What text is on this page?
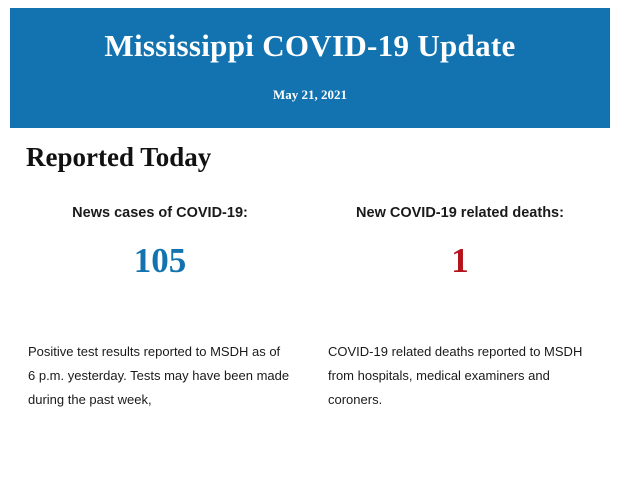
Mississippi COVID-19 Update
May 21, 2021
Reported Today
News cases of COVID-19:
105
New COVID-19 related deaths:
1
Positive test results reported to MSDH as of 6 p.m. yesterday. Tests may have been made during the past week,
COVID-19 related deaths reported to MSDH from hospitals, medical examiners and coroners.
